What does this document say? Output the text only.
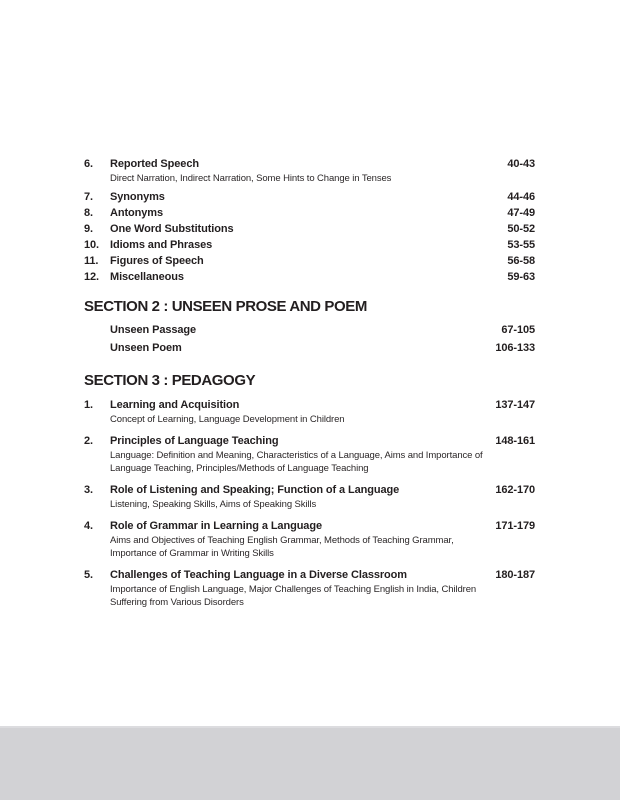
6.	Reported Speech	40-43
Direct Narration, Indirect Narration, Some Hints to Change in Tenses
7.	Synonyms	44-46
8.	Antonyms	47-49
9.	One Word Substitutions	50-52
10.	Idioms and Phrases	53-55
11.	Figures of Speech	56-58
12.	Miscellaneous	59-63
SECTION 2 : UNSEEN PROSE AND POEM
Unseen Passage	67-105
Unseen Poem	106-133
SECTION 3 : PEDAGOGY
1.	Learning and Acquisition	137-147
Concept of Learning, Language Development in Children
2.	Principles of Language Teaching	148-161
Language: Definition and Meaning, Characteristics of a Language, Aims and Importance of Language Teaching, Principles/Methods of Language Teaching
3.	Role of Listening and Speaking; Function of a Language	162-170
Listening, Speaking Skills, Aims of Speaking Skills
4.	Role of Grammar in Learning a Language	171-179
Aims and Objectives of Teaching English Grammar, Methods of Teaching Grammar, Importance of Grammar in Writing Skills
5.	Challenges of Teaching Language in a Diverse Classroom	180-187
Importance of English Language, Major Challenges of Teaching English in India, Children Suffering from Various Disorders
